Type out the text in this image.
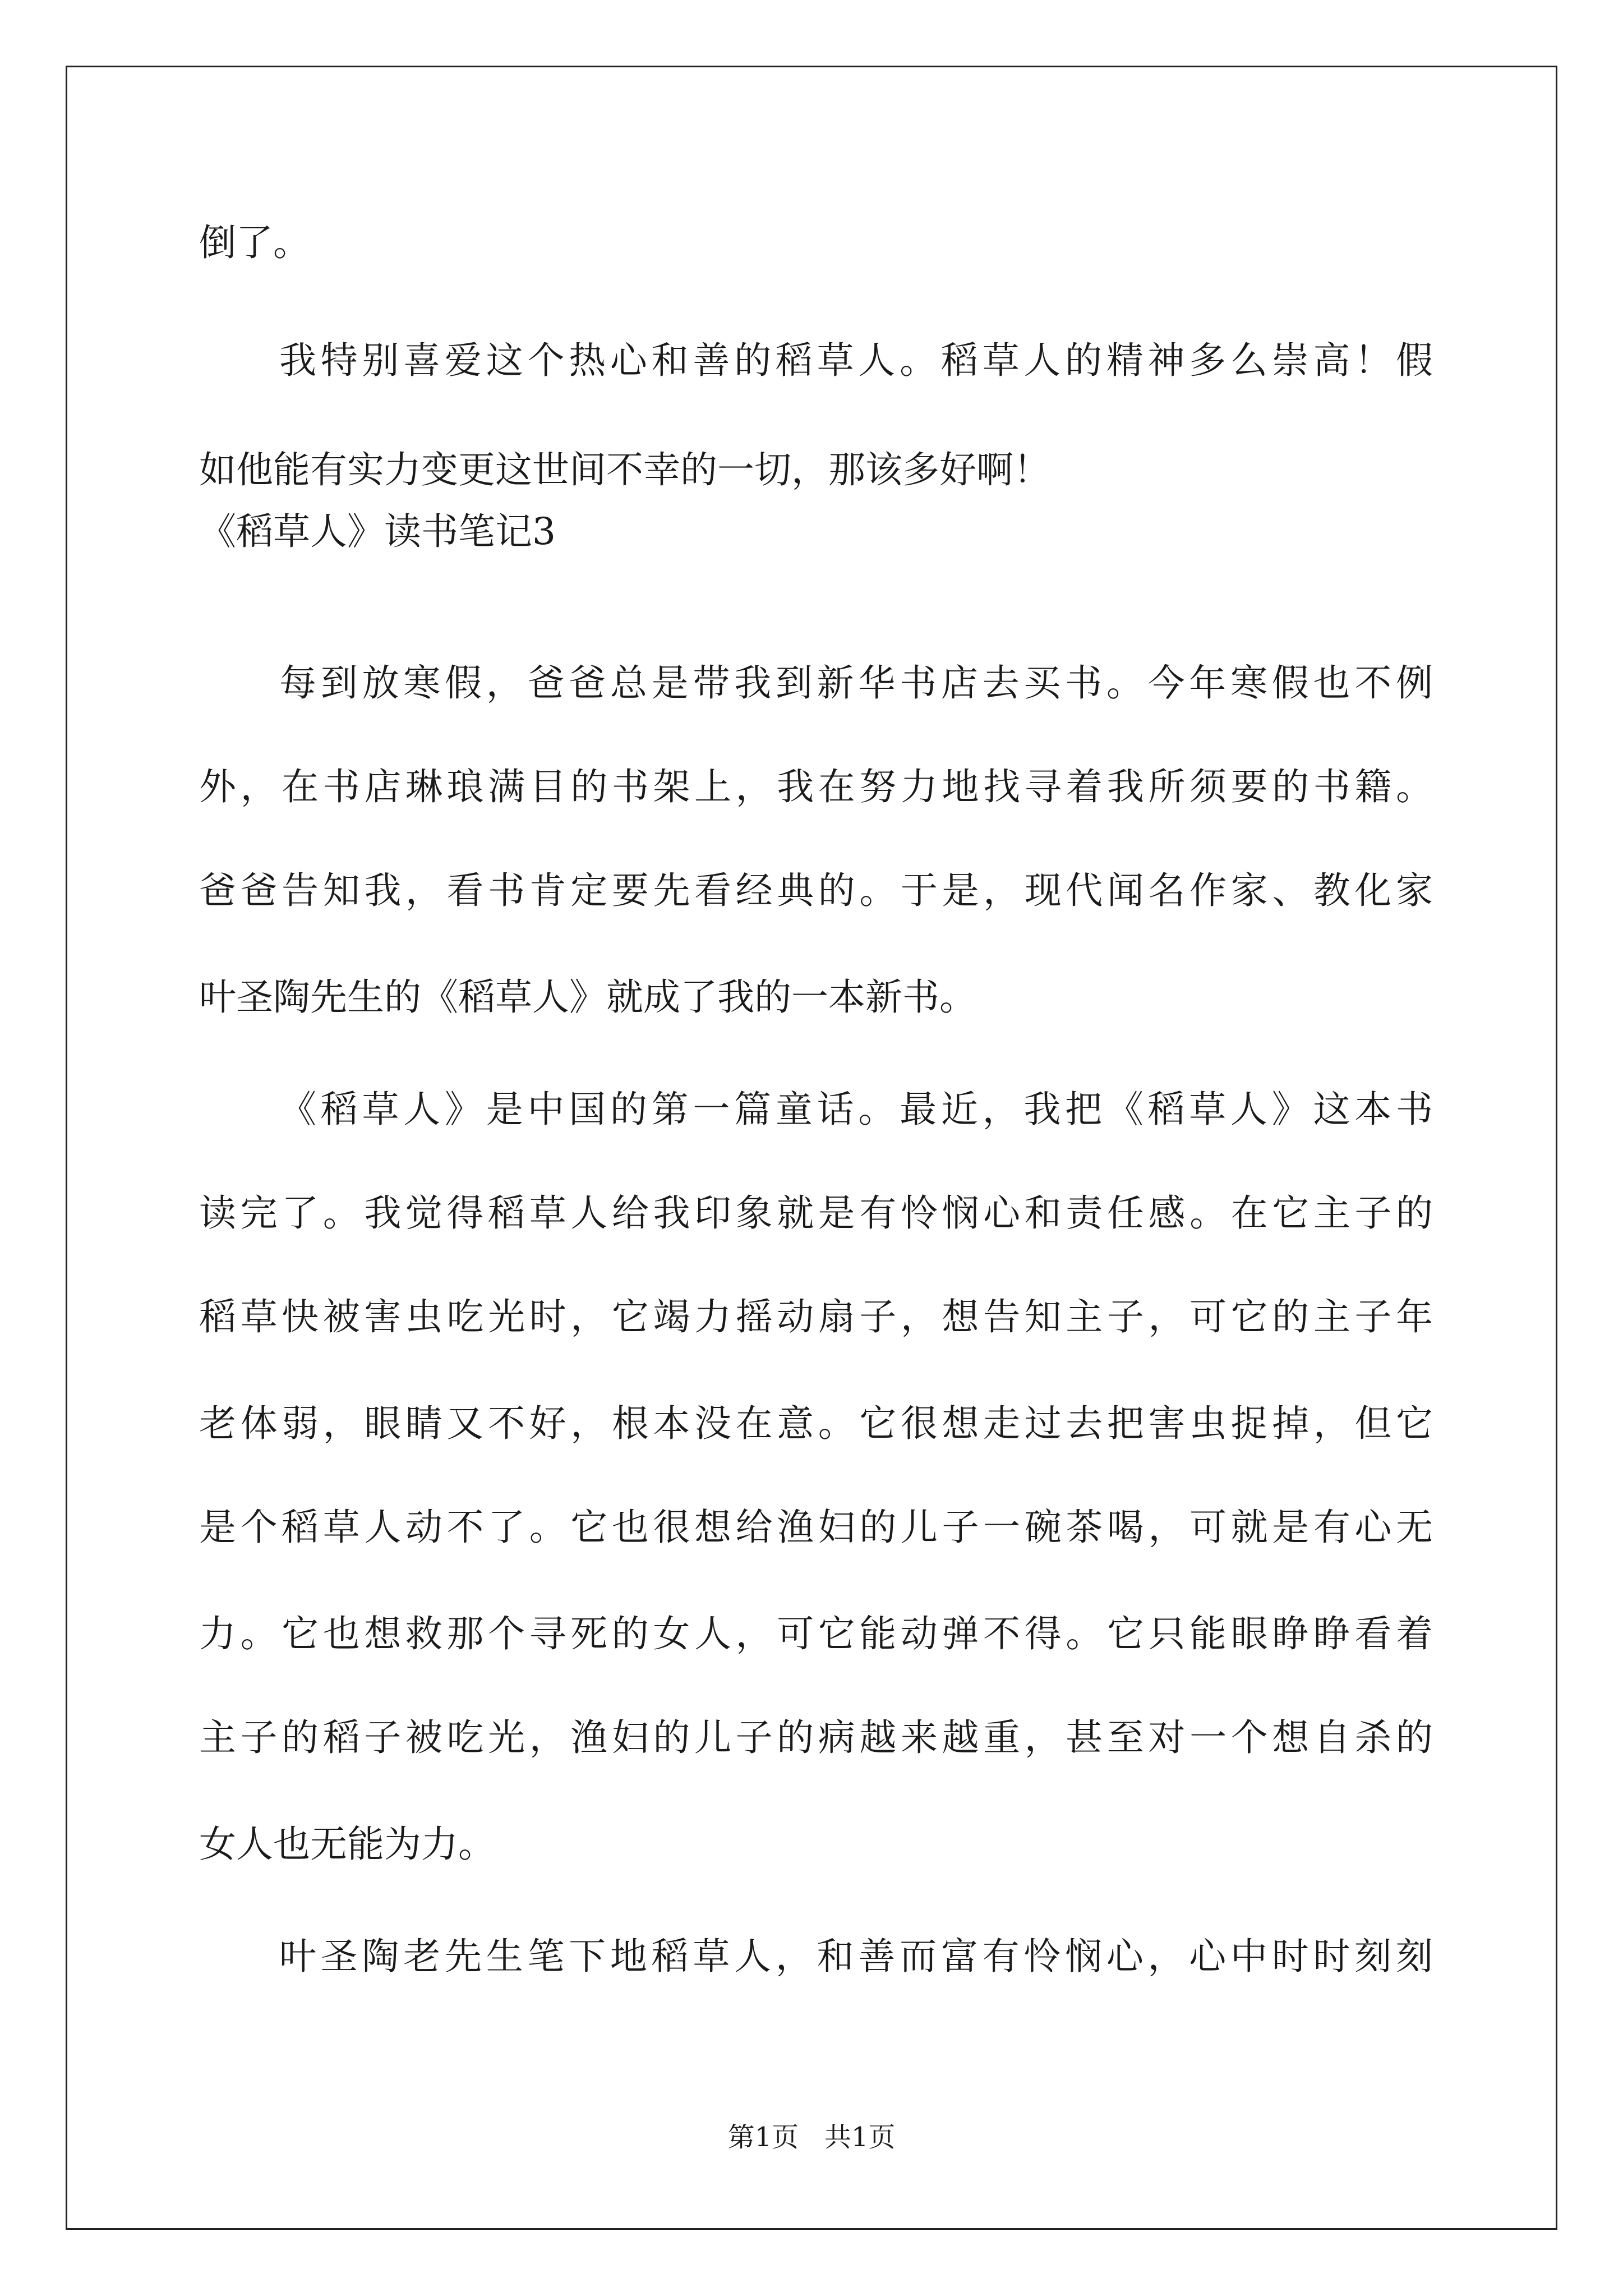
倒了。
我特别喜爱这个热心和善的稻草人。稻草人的精神多么崇高！假
如他能有实力变更这世间不幸的一切，那该多好啊！
《稻草人》读书笔记3
每到放寒假，爸爸总是带我到新华书店去买书。今年寒假也不例
外，在书店琳琅满目的书架上，我在努力地找寻着我所须要的书籍。
爸爸告知我，看书肯定要先看经典的。于是，现代闻名作家、教化家
叶圣陶先生的《稻草人》就成了我的一本新书。
《稻草人》是中国的第一篇童话。最近，我把《稻草人》这本书
读完了。我觉得稻草人给我印象就是有怜悯心和责任感。在它主子的
稻草快被害虫吃光时，它竭力摇动扇子，想告知主子，可它的主子年
老体弱，眼睛又不好，根本没在意。它很想走过去把害虫捉掉，但它
是个稻草人动不了。它也很想给渔妇的儿子一碗茶喝，可就是有心无
力。它也想救那个寻死的女人，可它能动弹不得。它只能眼睁睁看着
主子的稻子被吃光，渔妇的儿子的病越来越重，甚至对一个想自杀的
女人也无能为力。
叶圣陶老先生笔下地稻草人，和善而富有怜悯心，心中时时刻刻
第1页   共1页
